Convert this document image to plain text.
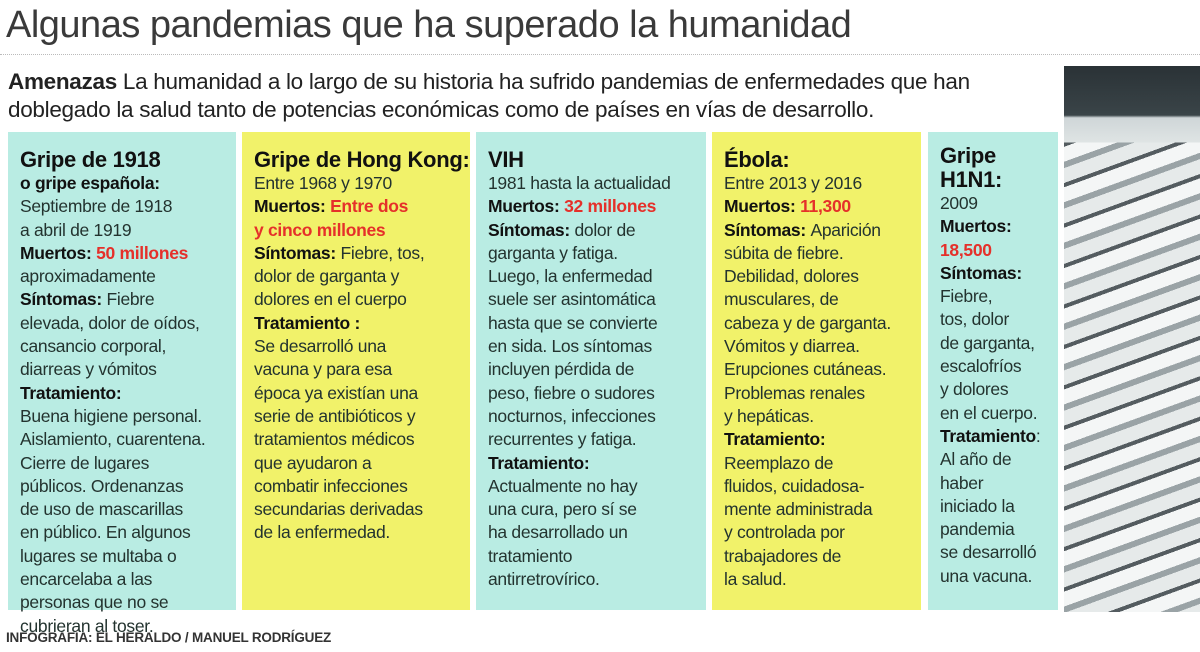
Algunas pandemias que ha superado la humanidad
Amenazas La humanidad a lo largo de su historia ha sufrido pandemias de enfermedades que han doblegado la salud tanto de potencias económicas como de países en vías de desarrollo.
Gripe de 1918
o gripe española:
Septiembre de 1918
a abril de 1919
Muertos: 50 millones
aproximadamente
Síntomas: Fiebre
elevada, dolor de oídos,
cansancio corporal,
diarreas y vómitos
Tratamiento:
Buena higiene personal.
Aislamiento, cuarentena.
Cierre de lugares
públicos. Ordenanzas
de uso de mascarillas
en público. En algunos
lugares se multaba o
encarcelaba a las
personas que no se
cubrieran al toser.
Gripe de Hong Kong:
Entre 1968 y 1970
Muertos: Entre dos
y cinco millones
Síntomas: Fiebre, tos,
dolor de garganta y
dolores en el cuerpo
Tratamiento :
Se desarrolló una
vacuna y para esa
época ya existían una
serie de antibióticos y
tratamientos médicos
que ayudaron a
combatir infecciones
secundarias derivadas
de la enfermedad.
VIH
1981 hasta la actualidad
Muertos: 32 millones
Síntomas: dolor de
garganta y fatiga.
Luego, la enfermedad
suele ser asintomática
hasta que se convierte
en sida. Los síntomas
incluyen pérdida de
peso, fiebre o sudores
nocturnos, infecciones
recurrentes y fatiga.
Tratamiento:
Actualmente no hay
una cura, pero sí se
ha desarrollado un
tratamiento
antirretrovírico.
Ébola:
Entre 2013 y 2016
Muertos: 11,300
Síntomas: Aparición
súbita de fiebre.
Debilidad, dolores
musculares, de
cabeza y de garganta.
Vómitos y diarrea.
Erupciones cutáneas.
Problemas renales
y hepáticas.
Tratamiento:
Reemplazo de
fluidos, cuidadosa-
mente administrada
y controlada por
trabajadores de
la salud.
Gripe
H1N1:
2009
Muertos:
18,500
Síntomas:
Fiebre,
tos, dolor
de garganta,
escalofríos
y dolores
en el cuerpo.
Tratamiento:
Al año de
haber
iniciado la
pandemia
se desarrolló
una vacuna.
INFOGRAFÍA: EL HERALDO / MANUEL RODRÍGUEZ
